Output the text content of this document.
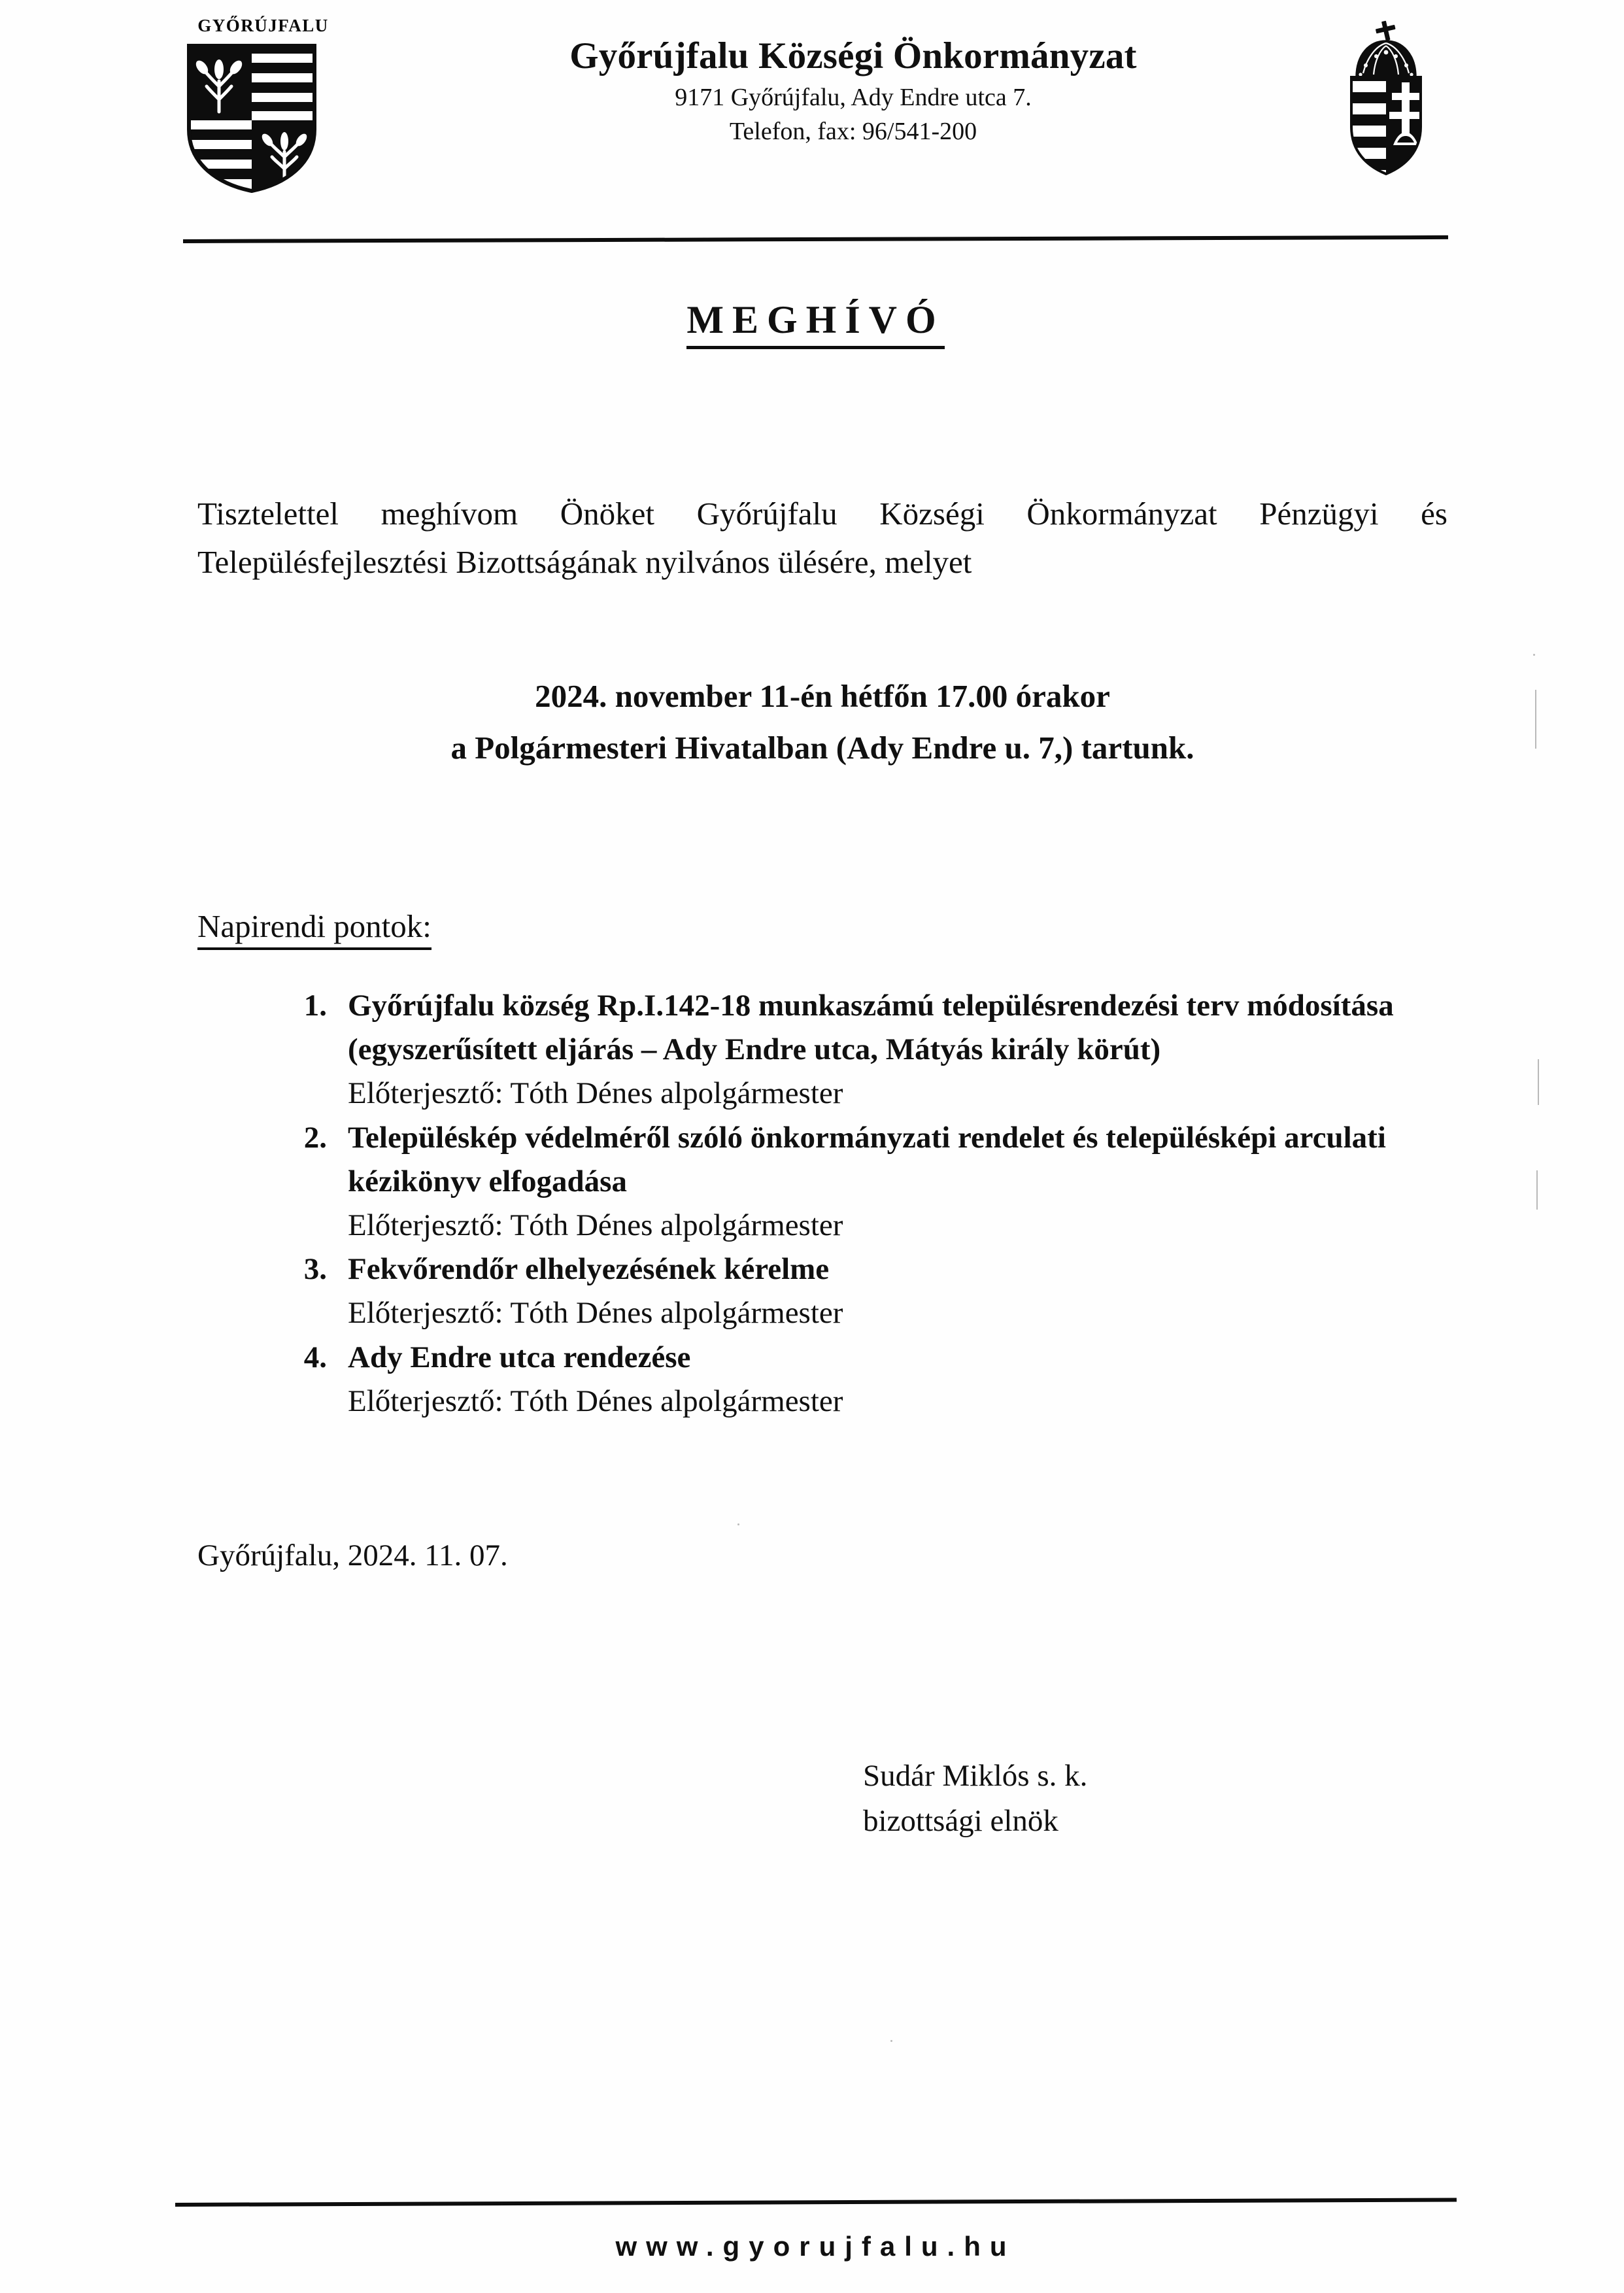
GYŐRÚJFALU
Győrújfalu Községi Önkormányzat
9171 Győrújfalu, Ady Endre utca 7.
Telefon, fax: 96/541-200
MEGHÍVÓ

Tisztelettel meghívom Önöket Győrújfalu Községi Önkormányzat Pénzügyi és Településfejlesztési Bizottságának nyilvános ülésére, melyet

2024. november 11-én hétfőn 17.00 órakor
a Polgármesteri Hivatalban (Ady Endre u. 7,) tartunk.
Napirendi pontok:
1. Győrújfalu község Rp.I.142-18 munkaszámú településrendezési terv módosítása (egyszerűsített eljárás – Ady Endre utca, Mátyás király körút)
Előterjesztő: Tóth Dénes alpolgármester
2. Településkép védelméről szóló önkormányzati rendelet és településképi arculati kézikönyv elfogadása
Előterjesztő: Tóth Dénes alpolgármester
3. Fekvőrendőr elhelyezésének kérelme
Előterjesztő: Tóth Dénes alpolgármester
4. Ady Endre utca rendezése
Előterjesztő: Tóth Dénes alpolgármester
Győrújfalu, 2024. 11. 07.
Sudár Miklós s. k.
bizottsági elnök
www.gyorujfalu.hu
